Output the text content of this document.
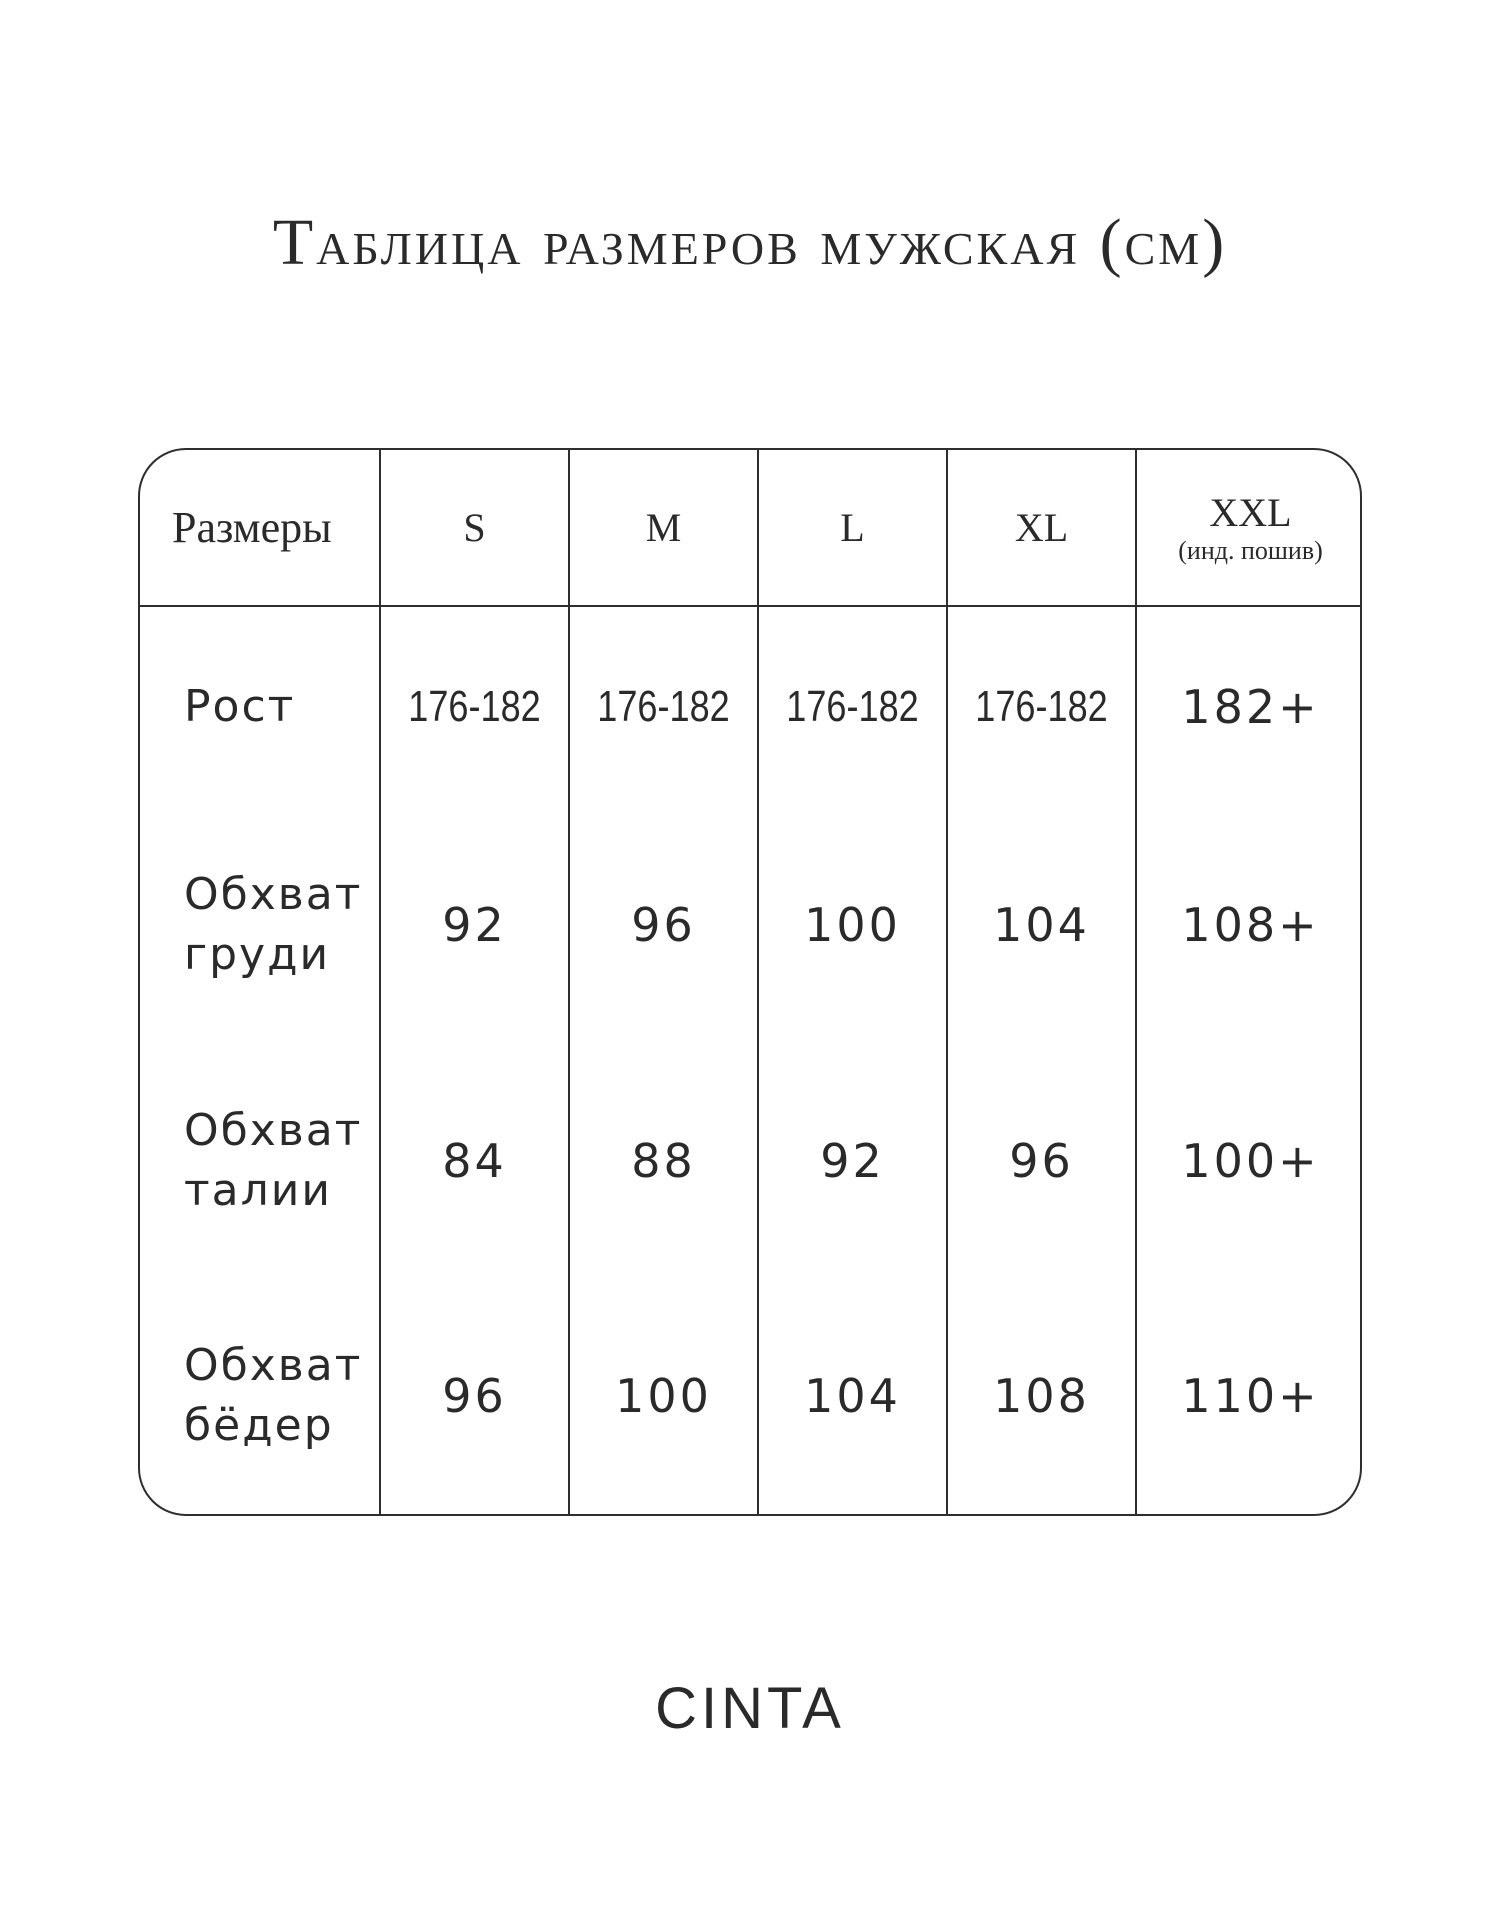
Таблица размеров мужская (см)
Размеры	S	M	L	XL	XXL
(инд. пошив)

Рост	176-182	176-182	176-182	176-182	182+
Обхват
груди	92	96	100	104	108+
Обхват
талии	84	88	92	96	100+
Обхват
бёдер	96	100	104	108	110+
CINTA
